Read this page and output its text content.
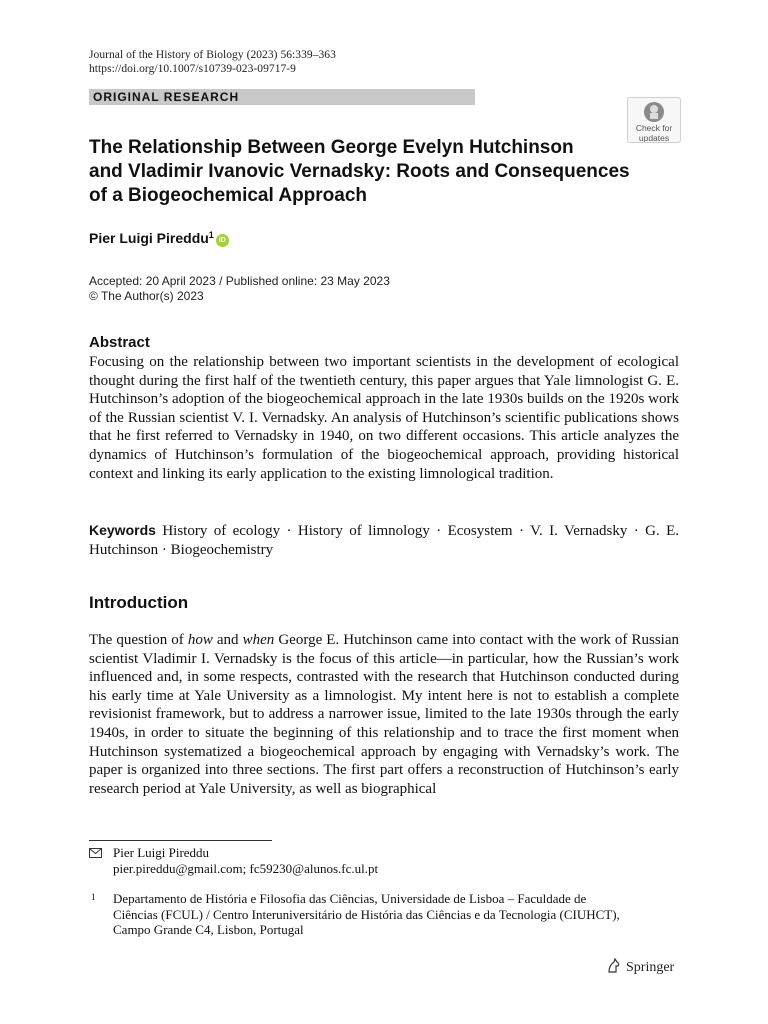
Journal of the History of Biology (2023) 56:339–363
https://doi.org/10.1007/s10739-023-09717-9
ORIGINAL RESEARCH
Check for
updates
The Relationship Between George Evelyn Hutchinson
and Vladimir Ivanovic Vernadsky: Roots and Consequences
of a Biogeochemical Approach
Pier Luigi Pireddu$^1$iD
Accepted: 20 April 2023 / Published online: 23 May 2023
© The Author(s) 2023
Abstract
Focusing on the relationship between two important scientists in the development of ecological thought during the first half of the twentieth century, this paper argues that Yale limnologist G. E. Hutchinson’s adoption of the biogeochemical approach in the late 1930s builds on the 1920s work of the Russian scientist V. I. Vernadsky. An analysis of Hutchinson’s scientific publications shows that he first referred to Vernadsky in 1940, on two different occasions. This article analyzes the dynamics of Hutchinson’s formulation of the biogeochemical approach, providing historical context and linking its early application to the existing limnological tradition.
Keywords History of ecology · History of limnology · Ecosystem · V. I. Vernadsky · G. E. Hutchinson · Biogeochemistry
Introduction
The question of how and when George E. Hutchinson came into contact with the work of Russian scientist Vladimir I. Vernadsky is the focus of this article—in particular, how the Russian’s work influenced and, in some respects, contrasted with the research that Hutchinson conducted during his early time at Yale University as a limnologist. My intent here is not to establish a complete revisionist framework, but to address a narrower issue, limited to the late 1930s through the early 1940s, in order to situate the beginning of this relationship and to trace the first moment when Hutchinson systematized a biogeochemical approach by engaging with Vernadsky’s work. The paper is organized into three sections. The first part offers a reconstruction of Hutchinson’s early research period at Yale University, as well as biographical
Pier Luigi Pireddu
pier.pireddu@gmail.com; fc59230@alunos.fc.ul.pt
1 Departamento de História e Filosofia das Ciências, Universidade de Lisboa – Faculdade de Ciências (FCUL) / Centro Interuniversitário de História das Ciências e da Tecnologia (CIUHCT), Campo Grande C4, Lisbon, Portugal
Springer
